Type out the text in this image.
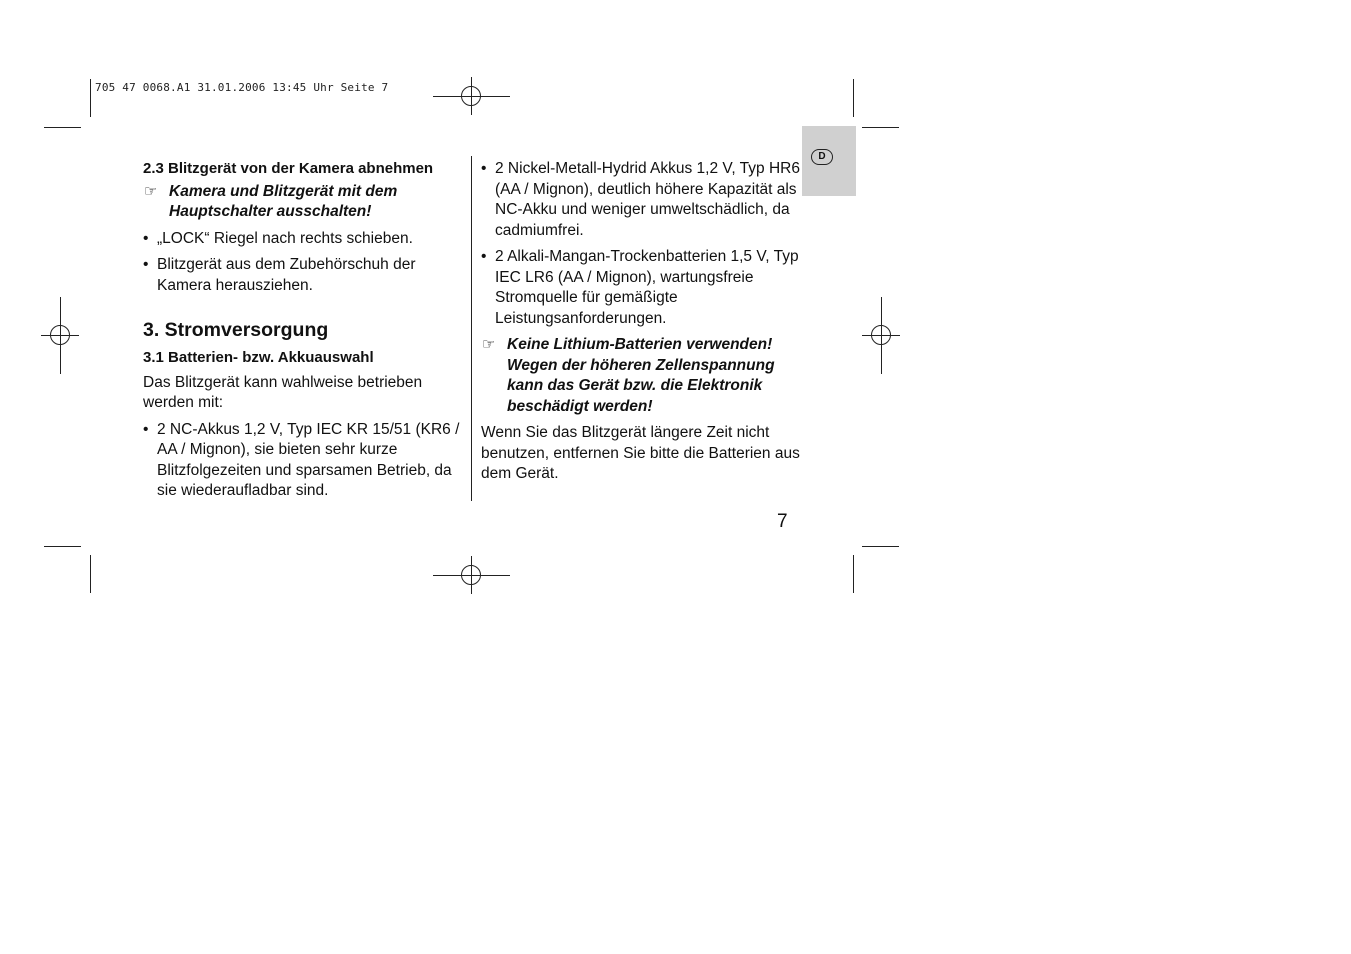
705 47 0068.A1 31.01.2006 13:45 Uhr Seite 7
D
2.3 Blitzgerät von der Kamera abnehmen
☞ Kamera und Blitzgerät mit dem Hauptschalter ausschalten!
• „LOCK“ Riegel nach rechts schieben.
• Blitzgerät aus dem Zubehörschuh der Kamera herausziehen.
3. Stromversorgung
3.1 Batterien- bzw. Akkuauswahl
Das Blitzgerät kann wahlweise betrieben werden mit:
• 2 NC-Akkus 1,2 V, Typ IEC KR 15/51 (KR6 / AA / Mignon), sie bieten sehr kurze Blitzfolgezeiten und sparsamen Betrieb, da sie wiederaufladbar sind.
• 2 Nickel-Metall-Hydrid Akkus 1,2 V, Typ HR6 (AA / Mignon), deutlich höhere Kapazität als NC-Akku und weniger umweltschädlich, da cadmiumfrei.
• 2 Alkali-Mangan-Trockenbatterien 1,5 V, Typ IEC LR6 (AA / Mignon), wartungsfreie Stromquelle für gemäßigte Leistungsanforderungen.
☞ Keine Lithium-Batterien verwenden! Wegen der höheren Zellenspannung kann das Gerät bzw. die Elektronik beschädigt werden!
Wenn Sie das Blitzgerät längere Zeit nicht benutzen, entfernen Sie bitte die Batterien aus dem Gerät.
7
